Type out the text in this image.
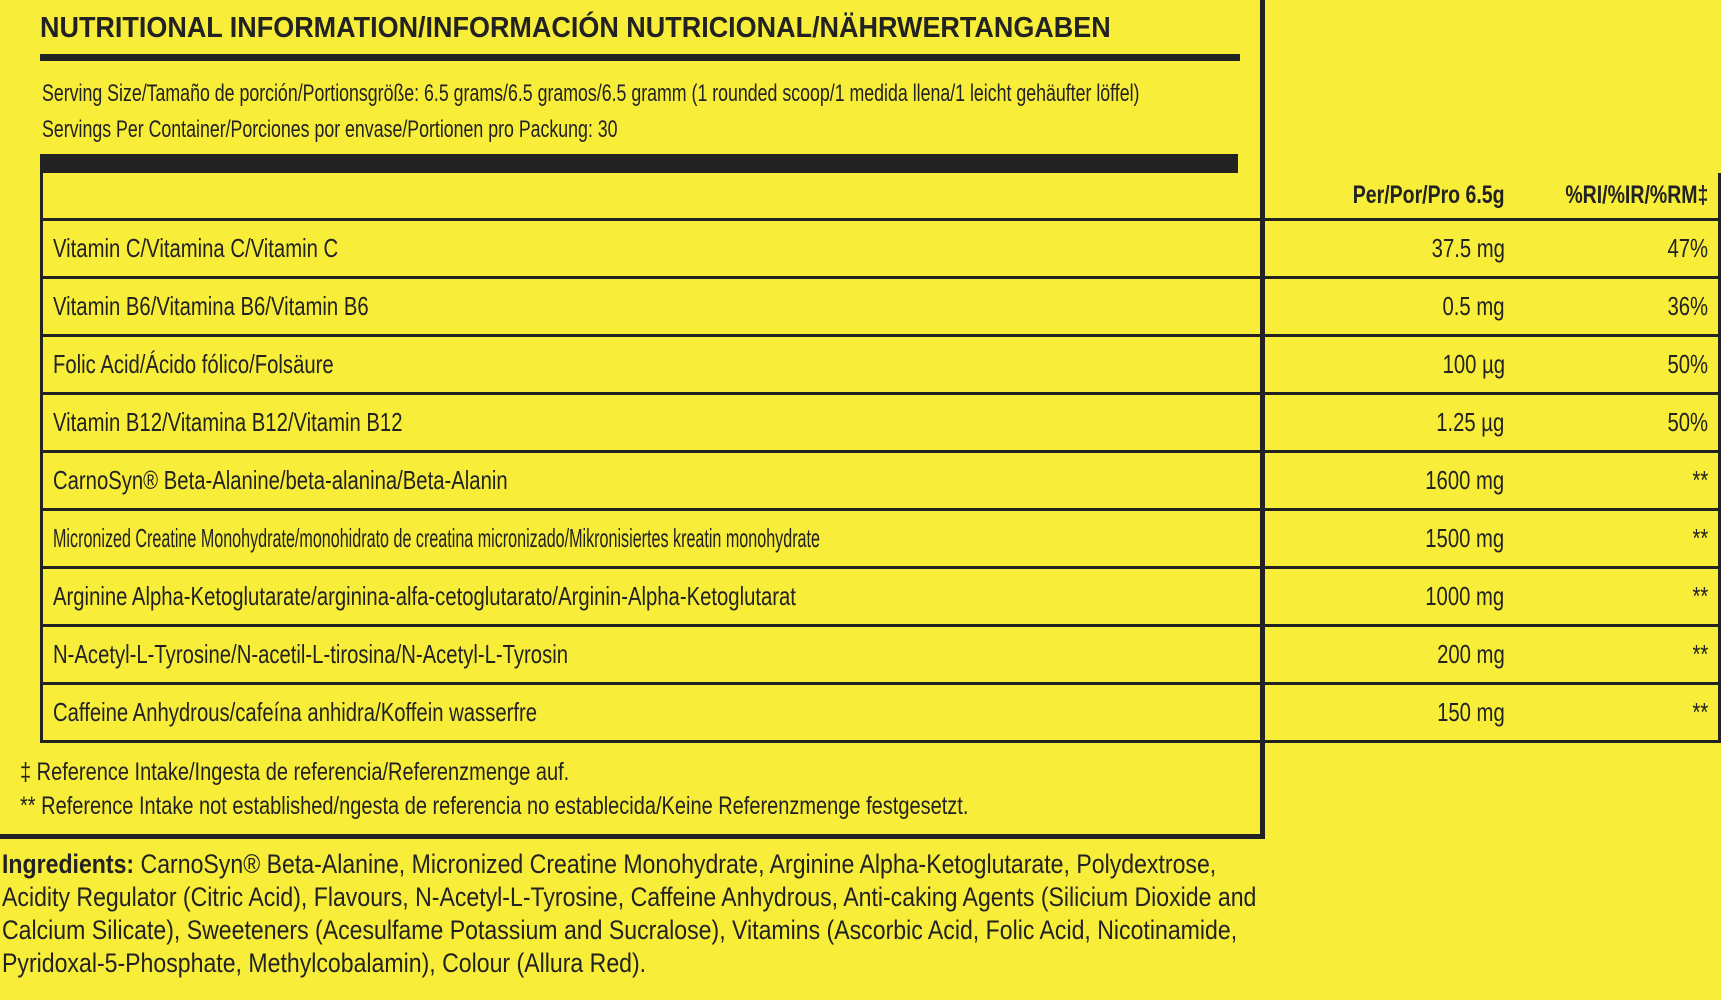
NUTRITIONAL INFORMATION/INFORMACIÓN NUTRICIONAL/NÄHRWERTANGABEN
Serving Size/Tamaño de porción/Portionsgröße: 6.5 grams/6.5 gramos/6.5 gramm (1 rounded scoop/1 medida llena/1 leicht gehäufter löffel)
Servings Per Container/Porciones por envase/Portionen pro Packung: 30
	Per/Por/Pro 6.5g	%RI/%IR/%RM‡
Vitamin C/Vitamina C/Vitamin C	37.5 mg	47%
Vitamin B6/Vitamina B6/Vitamin B6	0.5 mg	36%
Folic Acid/Ácido fólico/Folsäure	100 µg	50%
Vitamin B12/Vitamina B12/Vitamin B12	1.25 µg	50%
CarnoSyn® Beta-Alanine/beta-alanina/Beta-Alanin	1600 mg	**
Micronized Creatine Monohydrate/monohidrato de creatina micronizado/Mikronisiertes kreatin monohydrate	1500 mg	**
Arginine Alpha-Ketoglutarate/arginina-alfa-cetoglutarato/Arginin-Alpha-Ketoglutarat	1000 mg	**
N-Acetyl-L-Tyrosine/N-acetil-L-tirosina/N-Acetyl-L-Tyrosin	200 mg	**
Caffeine Anhydrous/cafeína anhidra/Koffein wasserfre	150 mg	**
‡ Reference Intake/Ingesta de referencia/Referenzmenge auf.
** Reference Intake not established/ngesta de referencia no establecida/Keine Referenzmenge festgesetzt.
Ingredients: CarnoSyn® Beta-Alanine, Micronized Creatine Monohydrate, Arginine Alpha-Ketoglutarate, Polydextrose, Acidity Regulator (Citric Acid), Flavours, N-Acetyl-L-Tyrosine, Caffeine Anhydrous, Anti-caking Agents (Silicium Dioxide and Calcium Silicate), Sweeteners (Acesulfame Potassium and Sucralose), Vitamins (Ascorbic Acid, Folic Acid, Nicotinamide, Pyridoxal-5-Phosphate, Methylcobalamin), Colour (Allura Red).
